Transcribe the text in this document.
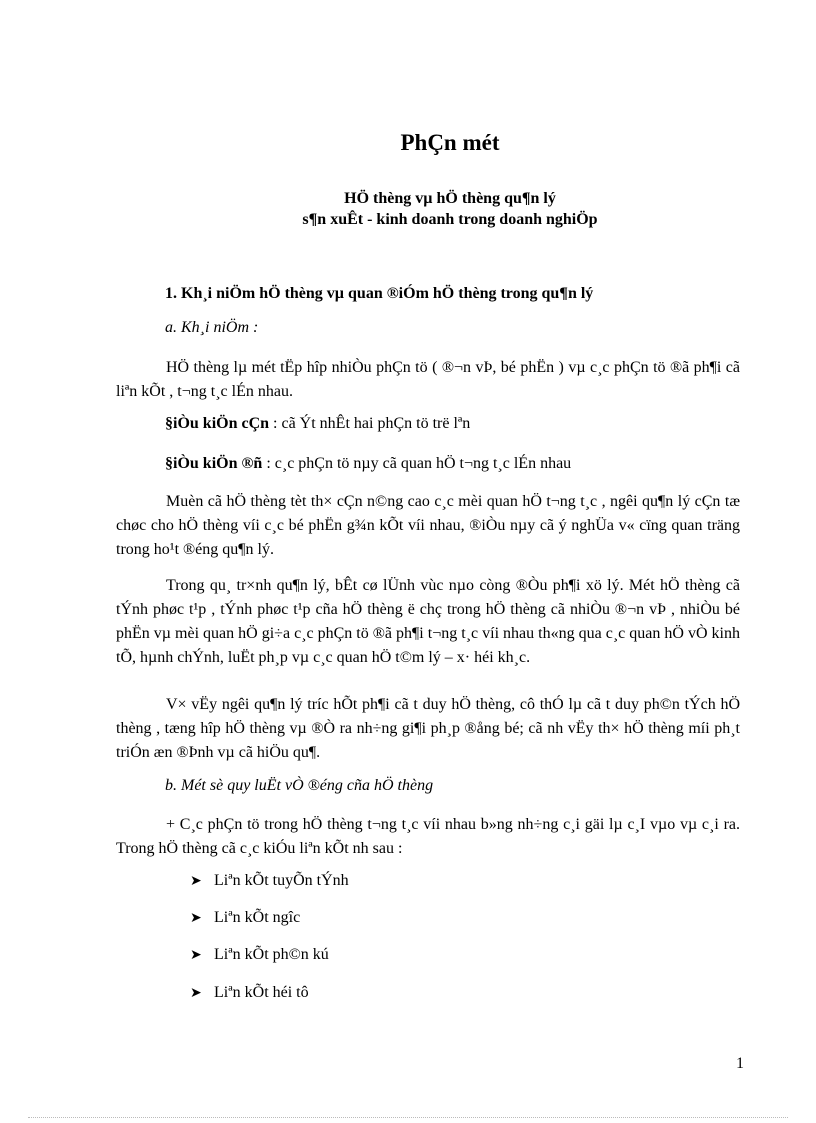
PhÇn mét
HÖ thèng vµ hÖ thèng qu¶n lý
s¶n xuÊt - kinh doanh trong doanh nghiÖp
1. Kh¸i niÖm hÖ thèng vµ quan ®iÓm hÖ thèng trong qu¶n lý
a. Kh¸i niÖm :

HÖ thèng lµ mét tËp hîp nhiÒu phÇn tö ( ®¬n vÞ, bé phËn ) vµ c¸c phÇn tö ®ã ph¶i cã liªn kÕt , t¬ng t¸c lÉn nhau.

§iÒu kiÖn cÇn : cã Ýt nhÊt hai phÇn tö trë lªn
§iÒu kiÖn ®ñ : c¸c phÇn tö nµy cã quan hÖ t¬ng t¸c lÉn nhau

Muèn cã hÖ thèng tèt th× cÇn n©ng cao c¸c mèi quan hÖ t¬ng t¸c , ngêi qu¶n lý cÇn tæ chøc cho hÖ thèng víi c¸c bé phËn g¾n kÕt víi nhau, ®iÒu nµy cã ý nghÜa v« cïng quan träng trong ho¹t ®éng qu¶n lý.

Trong qu¸ tr×nh qu¶n lý, bÊt cø lÜnh vùc nµo còng ®Òu ph¶i xö lý. Mét hÖ thèng cã tÝnh phøc t¹p , tÝnh phøc t¹p cña hÖ thèng ë chç trong hÖ thèng cã nhiÒu ®¬n vÞ , nhiÒu bé phËn vµ mèi quan hÖ gi÷a c¸c phÇn tö ®ã ph¶i t¬ng t¸c víi nhau th«ng qua c¸c quan hÖ vÒ kinh tÕ, hµnh chÝnh, luËt ph¸p vµ c¸c quan hÖ t©m lý – x· héi kh¸c.

V× vËy ngêi qu¶n lý tríc hÕt ph¶i cã t duy hÖ thèng, cô thÓ lµ cã t duy ph©n tÝch hÖ thèng , tæng hîp hÖ thèng vµ ®Ò ra nh÷ng gi¶i ph¸p ®ång bé; cã nh vËy th× hÖ thèng míi ph¸t triÓn æn ®Þnh vµ cã hiÖu qu¶.

b. Mét sè quy luËt vÒ ®éng cña hÖ thèng

+ C¸c phÇn tö trong hÖ thèng t¬ng t¸c víi nhau b»ng nh÷ng c¸i gäi lµ c¸I vµo vµ c¸i ra. Trong hÖ thèng cã c¸c kiÓu liªn kÕt nh sau :

➤ Liªn kÕt tuyÕn tÝnh
➤ Liªn kÕt ngîc
➤ Liªn kÕt ph©n kú
➤ Liªn kÕt héi tô
1
